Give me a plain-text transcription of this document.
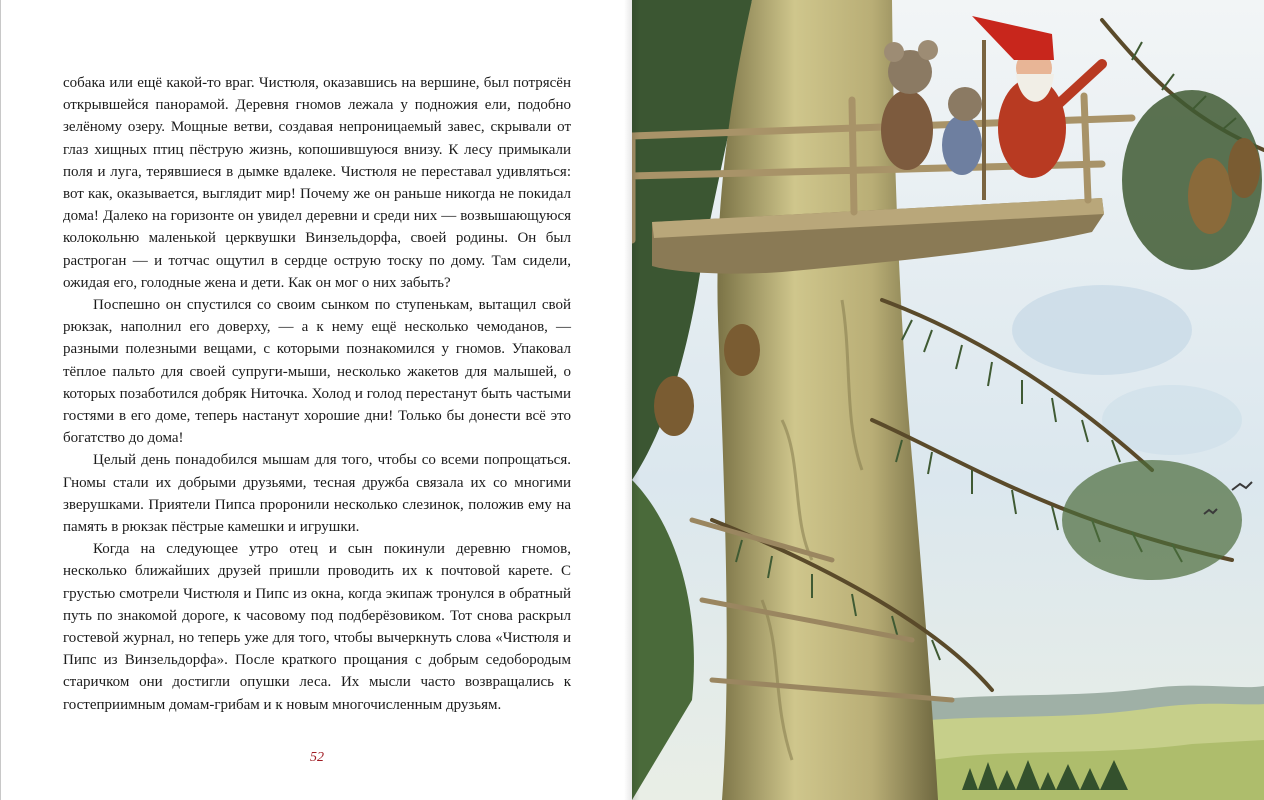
собака или ещё какой-то враг. Чистюля, оказавшись на вершине, был потрясён открывшейся панорамой. Деревня гномов лежала у подножия ели, подобно зелёному озеру. Мощные ветви, создавая непроницаемый завес, скрывали от глаз хищных птиц пёструю жизнь, копошившуюся внизу. К лесу примыкали поля и луга, терявшиеся в дымке вдалеке. Чистюля не переставал удивляться: вот как, оказывается, выглядит мир! Почему же он раньше никогда не покидал дома! Далеко на горизонте он увидел деревни и среди них — возвышающуюся колокольню маленькой церквушки Винзельдорфа, своей родины. Он был растроган — и тотчас ощутил в сердце острую тоску по дому. Там сидели, ожидая его, голодные жена и дети. Как он мог о них забыть?

Поспешно он спустился со своим сынком по ступенькам, вытащил свой рюкзак, наполнил его доверху, — а к нему ещё несколько чемоданов, — разными полезными вещами, с которыми познакомился у гномов. Упаковал тёплое пальто для своей супруги-мыши, несколько жакетов для малышей, о которых позаботился добряк Ниточка. Холод и голод перестанут быть частыми гостями в его доме, теперь настанут хорошие дни! Только бы донести всё это богатство до дома!

Целый день понадобился мышам для того, чтобы со всеми попрощаться. Гномы стали их добрыми друзьями, тесная дружба связала их со многими зверушками. Приятели Пипса проронили несколько слезинок, положив ему на память в рюкзак пёстрые камешки и игрушки.

Когда на следующее утро отец и сын покинули деревню гномов, несколько ближайших друзей пришли проводить их к почтовой карете. С грустью смотрели Чистюля и Пипс из окна, когда экипаж тронулся в обратный путь по знакомой дороге, к часовому под подберёзовиком. Тот снова раскрыл гостевой журнал, но теперь уже для того, чтобы вычеркнуть слова «Чистюля и Пипс из Винзельдорфа». После краткого прощания с добрым седобородым старичком они достигли опушки леса. Их мысли часто возвращались к гостеприимным домам-грибам и к новым многочисленным друзьям.

52
